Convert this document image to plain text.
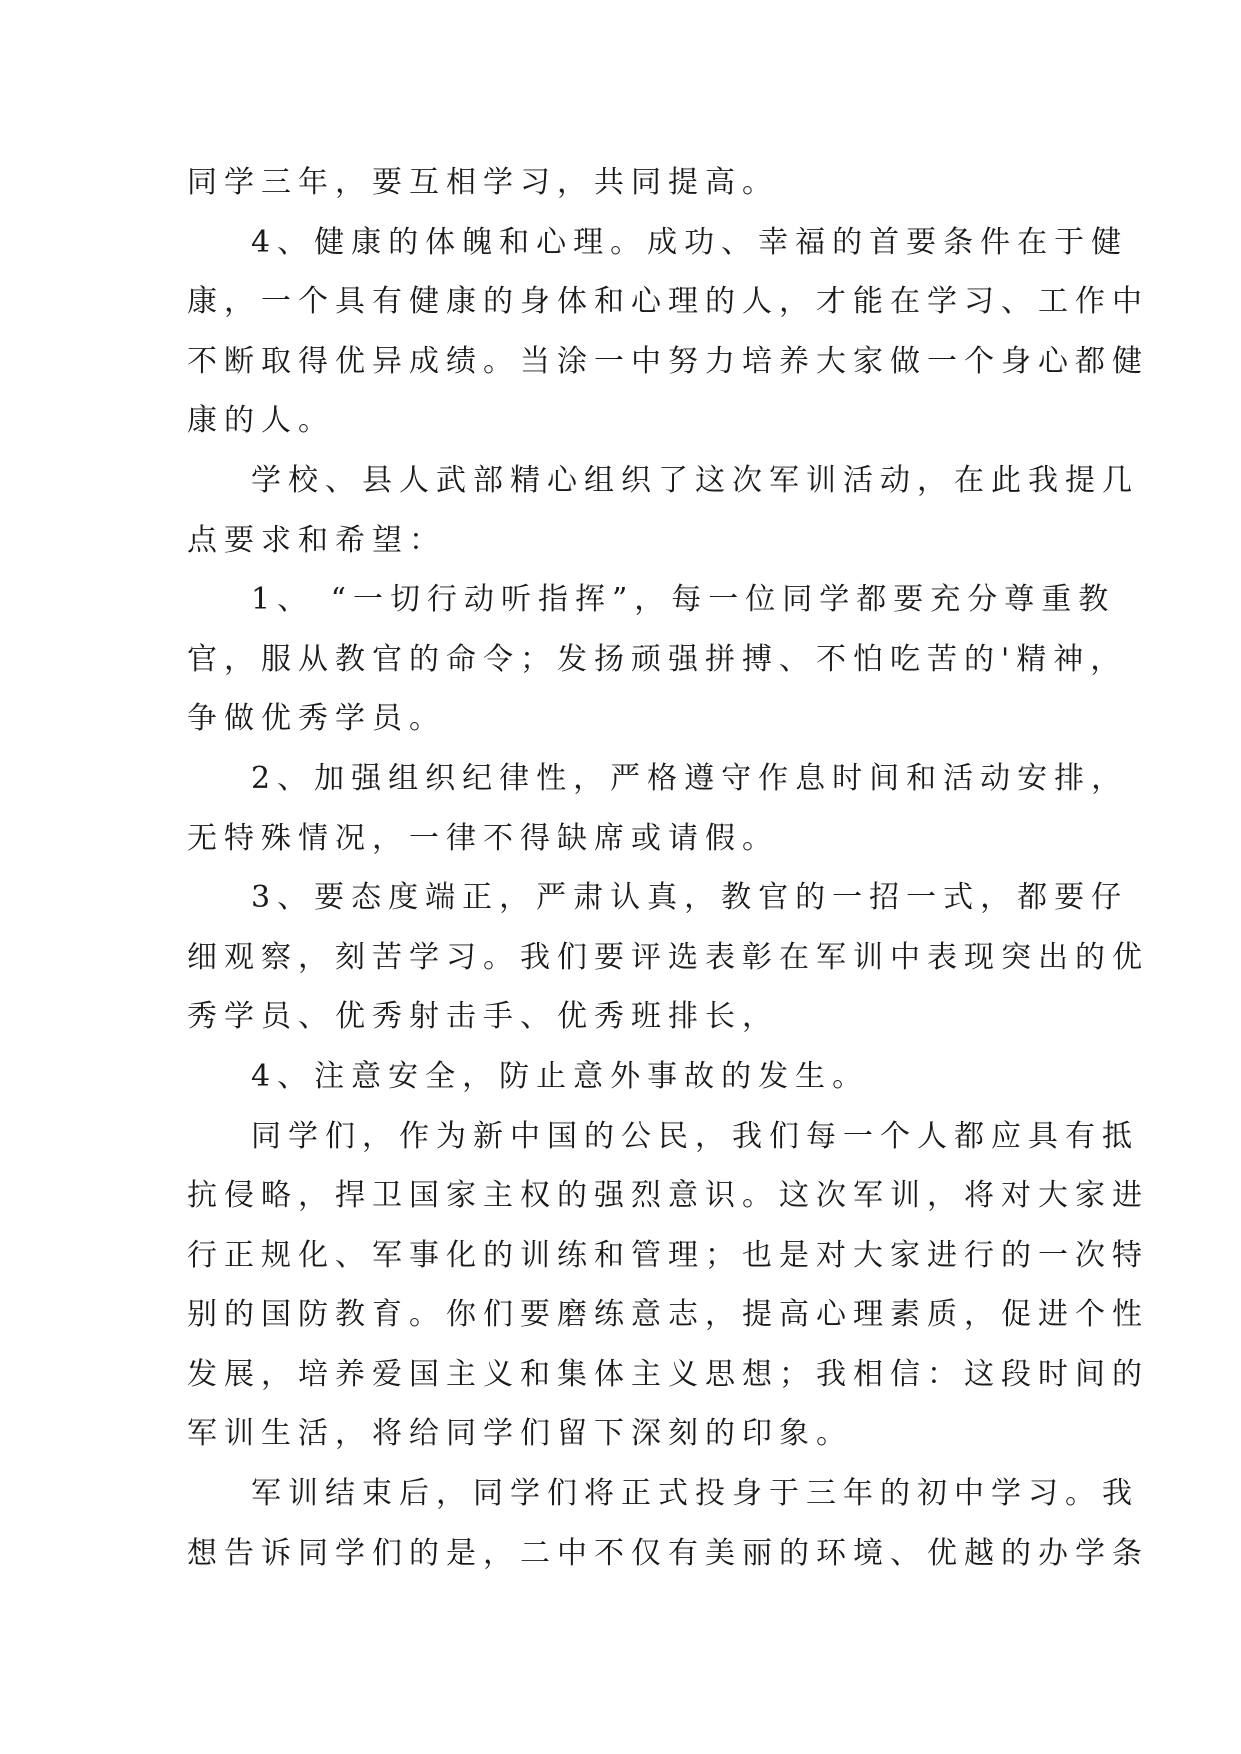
同学三年，要互相学习，共同提高。
4、健康的体魄和心理。成功、幸福的首要条件在于健
康，一个具有健康的身体和心理的人，才能在学习、工作中
不断取得优异成绩。当涂一中努力培养大家做一个身心都健
康的人。
学校、县人武部精心组织了这次军训活动，在此我提几
点要求和希望：
1、 “一切行动听指挥”，每一位同学都要充分尊重教
官，服从教官的命令；发扬顽强拼搏、不怕吃苦的'精神，
争做优秀学员。
2、加强组织纪律性，严格遵守作息时间和活动安排，
无特殊情况，一律不得缺席或请假。
3、要态度端正，严肃认真，教官的一招一式，都要仔
细观察，刻苦学习。我们要评选表彰在军训中表现突出的优
秀学员、优秀射击手、优秀班排长，
4、注意安全，防止意外事故的发生。
同学们，作为新中国的公民，我们每一个人都应具有抵
抗侵略，捍卫国家主权的强烈意识。这次军训，将对大家进
行正规化、军事化的训练和管理；也是对大家进行的一次特
别的国防教育。你们要磨练意志，提高心理素质，促进个性
发展，培养爱国主义和集体主义思想；我相信：这段时间的
军训生活，将给同学们留下深刻的印象。
军训结束后，同学们将正式投身于三年的初中学习。我
想告诉同学们的是，二中不仅有美丽的环境、优越的办学条
